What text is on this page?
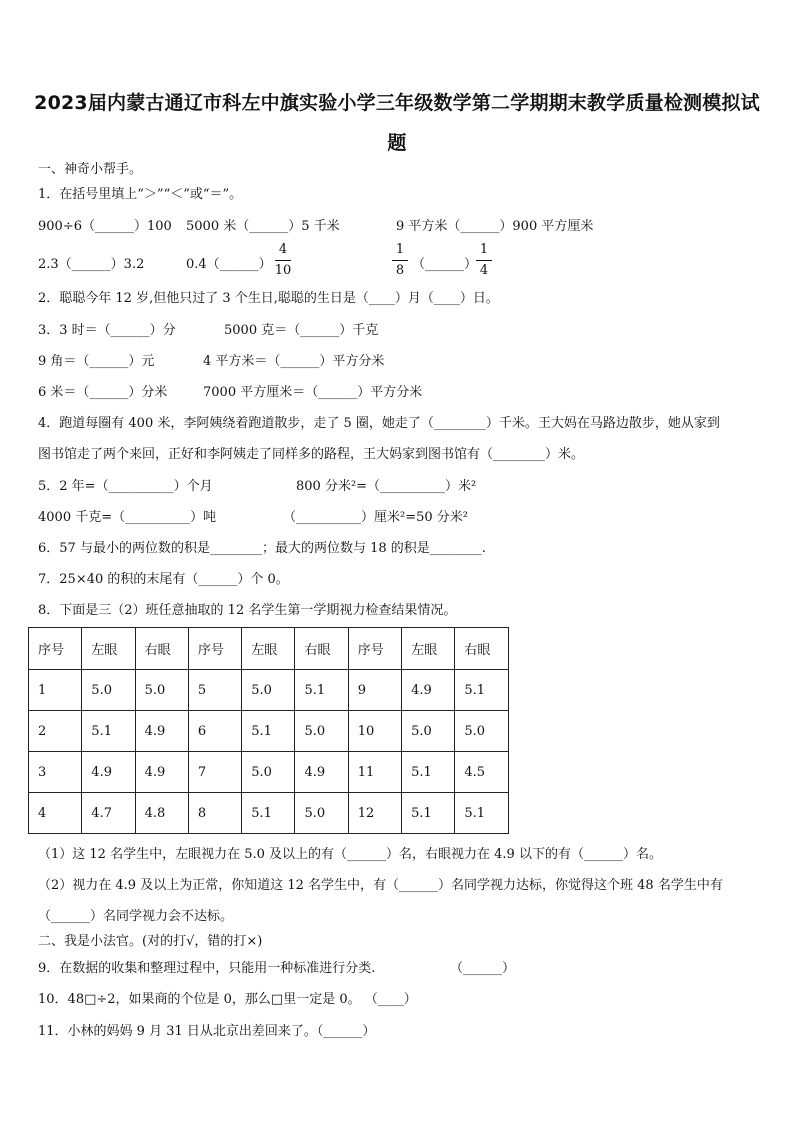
2023届内蒙古通辽市科左中旗实验小学三年级数学第二学期期末教学质量检测模拟试
题
一、神奇小帮手。
1．在括号里填上“＞”“＜”或“＝”。
900÷6（______）100 5000 米（______）5 千米	9 平方米（______）900 平方厘米
2.3（______）3.2	0.4（______）
4
10
1
8 （______）
1
4
2．聪聪今年 12 岁,但他只过了 3 个生日,聪聪的生日是（____）月（____）日。
3．3 时＝（______）分	5000 克＝（______）千克
9 角＝（______）元	4 平方米＝（______）平方分米
6 米＝（______）分米	7000 平方厘米＝（______）平方分米
4．跑道每圈有 400 米，李阿姨绕着跑道散步，走了 5 圈，她走了（________）千米。王大妈在马路边散步，她从家到
图书馆走了两个来回，正好和李阿姨走了同样多的路程，王大妈家到图书馆有（________）米。
5．2 年=（__________）个月	800 分米²=（__________）米²
4000 千克=（__________）吨	（__________）厘米²=50 分米²
6．57 与最小的两位数的积是________；最大的两位数与 18 的积是________.
7．25×40 的积的末尾有（______）个 0。
8．下面是三（2）班任意抽取的 12 名学生第一学期视力检查结果情况。
序号	左眼	右眼	序号	左眼	右眼	序号	左眼	右眼
1	5.0	5.0	5	5.0	5.1	9	4.9	5.1
2	5.1	4.9	6	5.1	5.0	10	5.0	5.0
3	4.9	4.9	7	5.0	4.9	11	5.1	4.5
4	4.7	4.8	8	5.1	5.0	12	5.1	5.1
（1）这 12 名学生中，左眼视力在 5.0 及以上的有（______）名，右眼视力在 4.9 以下的有（______）名。
（2）视力在 4.9 及以上为正常，你知道这 12 名学生中，有（______）名同学视力达标，你觉得这个班 48 名学生中有
（______）名同学视力会不达标。
二、我是小法官。(对的打√，错的打×)
9．在数据的收集和整理过程中，只能用一种标准进行分类.	（______）
10．48□÷2，如果商的个位是 0，那么□里一定是 0。 （____）
11．小林的妈妈 9 月 31 日从北京出差回来了。（______）
